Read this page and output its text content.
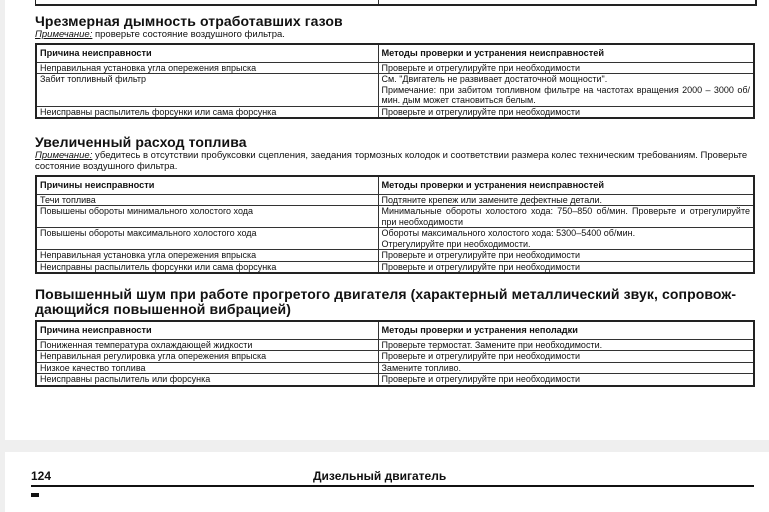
Чрезмерная дымность отработавших газов

Примечание: проверьте состояние воздушного фильтра.

Причина неисправности	Методы проверки и устранения неисправностей
Неправильная установка угла опережения впрыска	Проверьте и отрегулируйте при необходимости
Забит топливный фильтр	См. "Двигатель не развивает достаточной мощности".
Примечание: при забитом топливном фильтре на частотах вращения 2000 – 3000 об/мин. дым может становиться белым.
Неисправны распылитель форсунки или сама форсунка	Проверьте и отрегулируйте при необходимости
Увеличенный расход топлива

Примечание: убедитесь в отсутствии пробуксовки сцепления, заедания тормозных колодок и соответствии размера колес техническим требованиям. Проверьте состояние воздушного фильтра.

Причины неисправности	Методы проверки и устранения неисправностей
Течи топлива	Подтяните крепеж или замените дефектные детали.
Повышены обороты минимального холостого хода	Минимальные обороты холостого хода: 750–850 об/мин. Проверьте и отрегулируйте при необходимости
Повышены обороты максимального холостого хода	Обороты максимального холостого хода: 5300–5400 об/мин.
Отрегулируйте при необходимости.
Неправильная установка угла опережения впрыска	Проверьте и отрегулируйте при необходимости
Неисправны распылитель форсунки или сама форсунка	Проверьте и отрегулируйте при необходимости
Повышенный шум при работе прогретого двигателя (характерный металлический звук, сопровож-дающийся повышенной вибрацией)
Причина неисправности	Методы проверки и устранения неполадки
Пониженная температура охлаждающей жидкости	Проверьте термостат. Замените при необходимости.
Неправильная регулировка угла опережения впрыска	Проверьте и отрегулируйте при необходимости
Низкое качество топлива	Замените топливо.
Неисправны распылитель или форсунка	Проверьте и отрегулируйте при необходимости
124	Дизельный двигатель
